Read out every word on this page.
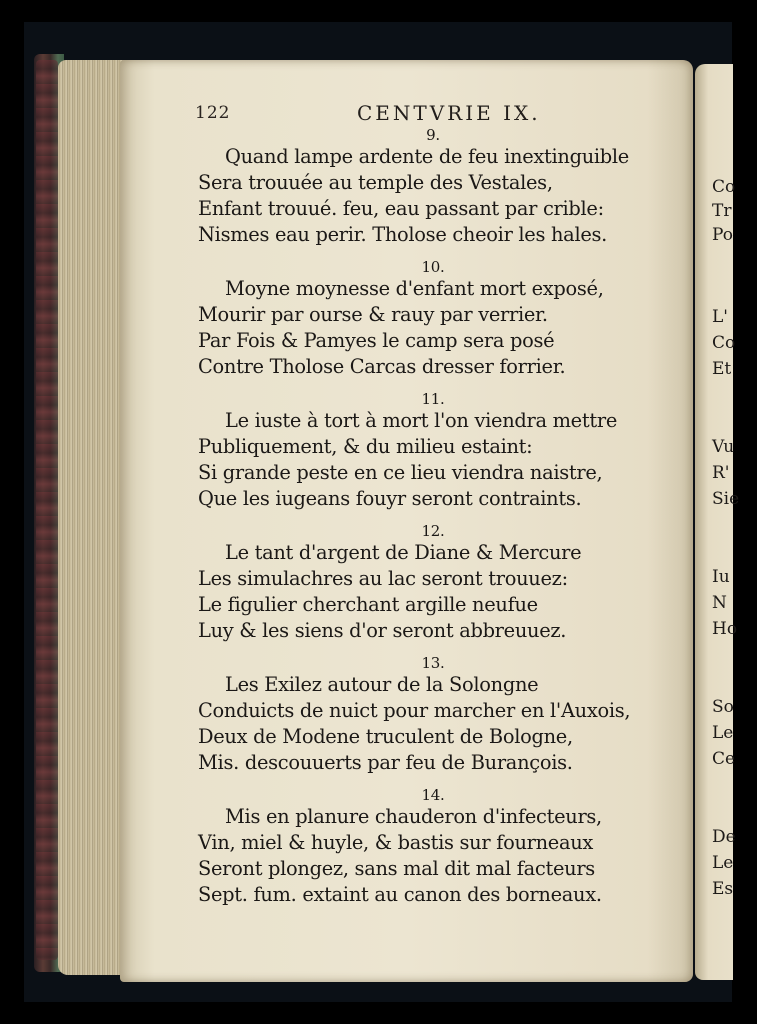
Co
Tr
Po
L'
Co
Et
Vu
R'
Sie
Iu
N
Ho
So
Le
Ce
De
Le
Es
122	CENTVRIE IX.
9.
Quand lampe ardente de feu inextinguible
Sera trouuée au temple des Vestales,
Enfant trouué. feu, eau passant par crible:
Nismes eau perir. Tholose cheoir les hales.
10.
Moyne moynesse d'enfant mort exposé,
Mourir par ourse & rauy par verrier.
Par Fois & Pamyes le camp sera posé
Contre Tholose Carcas dresser forrier.
11.
Le iuste à tort à mort l'on viendra mettre
Publiquement, & du milieu estaint:
Si grande peste en ce lieu viendra naistre,
Que les iugeans fouyr seront contraints.
12.
Le tant d'argent de Diane & Mercure
Les simulachres au lac seront trouuez:
Le figulier cherchant argille neufue
Luy & les siens d'or seront abbreuuez.
13.
Les Exilez autour de la Solongne
Conduicts de nuict pour marcher en l'Auxois,
Deux de Modene truculent de Bologne,
Mis. descouuerts par feu de Burançois.
14.
Mis en planure chauderon d'infecteurs,
Vin, miel & huyle, & bastis sur fourneaux
Seront plongez, sans mal dit mal facteurs
Sept. fum. extaint au canon des borneaux.
